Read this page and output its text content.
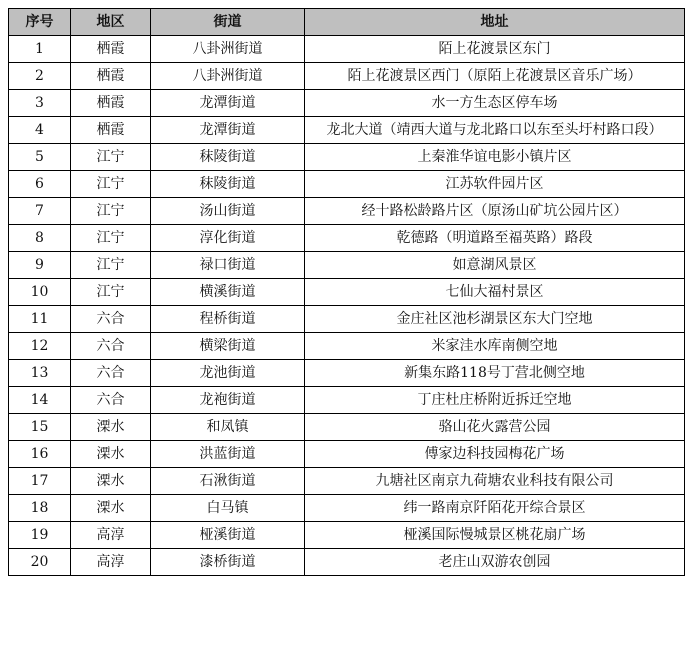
序号	地区	街道	地址
1	栖霞	八卦洲街道	陌上花渡景区东门
2	栖霞	八卦洲街道	陌上花渡景区西门（原陌上花渡景区音乐广场）
3	栖霞	龙潭街道	水一方生态区停车场
4	栖霞	龙潭街道	龙北大道（靖西大道与龙北路口以东至头圩村路口段）
5	江宁	秣陵街道	上秦淮华谊电影小镇片区
6	江宁	秣陵街道	江苏软件园片区
7	江宁	汤山街道	经十路松龄路片区（原汤山矿坑公园片区）
8	江宁	淳化街道	乾德路（明道路至福英路）路段
9	江宁	禄口街道	如意湖风景区
10	江宁	横溪街道	七仙大福村景区
11	六合	程桥街道	金庄社区池杉湖景区东大门空地
12	六合	横梁街道	米家洼水库南侧空地
13	六合	龙池街道	新集东路118号丁营北侧空地
14	六合	龙袍街道	丁庄杜庄桥附近拆迁空地
15	溧水	和凤镇	骆山花火露营公园
16	溧水	洪蓝街道	傅家边科技园梅花广场
17	溧水	石湫街道	九塘社区南京九荷塘农业科技有限公司
18	溧水	白马镇	纬一路南京阡陌花开综合景区
19	高淳	桠溪街道	桠溪国际慢城景区桃花扇广场
20	高淳	漆桥街道	老庄山双游农创园
